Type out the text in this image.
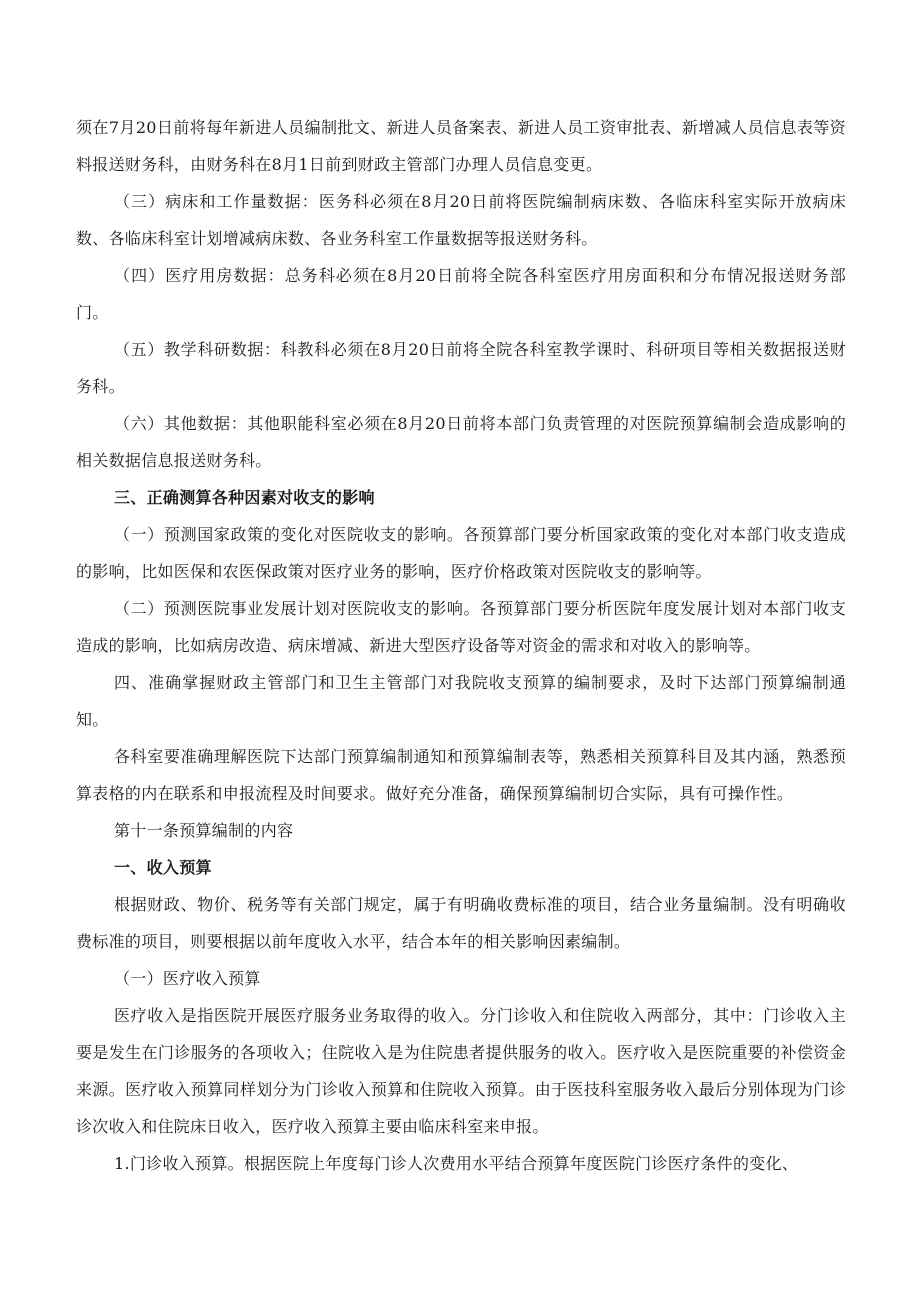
须在7月20日前将每年新进人员编制批文、新进人员备案表、新进人员工资审批表、新增减人员信息表等资料报送财务科，由财务科在8月1日前到财政主管部门办理人员信息变更。

（三）病床和工作量数据：医务科必须在8月20日前将医院编制病床数、各临床科室实际开放病床数、各临床科室计划增减病床数、各业务科室工作量数据等报送财务科。

（四）医疗用房数据：总务科必须在8月20日前将全院各科室医疗用房面积和分布情况报送财务部门。

（五）教学科研数据：科教科必须在8月20日前将全院各科室教学课时、科研项目等相关数据报送财务科。

（六）其他数据：其他职能科室必须在8月20日前将本部门负责管理的对医院预算编制会造成影响的相关数据信息报送财务科。

三、正确测算各种因素对收支的影响

（一）预测国家政策的变化对医院收支的影响。各预算部门要分析国家政策的变化对本部门收支造成的影响，比如医保和农医保政策对医疗业务的影响，医疗价格政策对医院收支的影响等。

（二）预测医院事业发展计划对医院收支的影响。各预算部门要分析医院年度发展计划对本部门收支造成的影响，比如病房改造、病床增减、新进大型医疗设备等对资金的需求和对收入的影响等。

四、准确掌握财政主管部门和卫生主管部门对我院收支预算的编制要求，及时下达部门预算编制通知。

各科室要准确理解医院下达部门预算编制通知和预算编制表等，熟悉相关预算科目及其内涵，熟悉预算表格的内在联系和申报流程及时间要求。做好充分准备，确保预算编制切合实际，具有可操作性。

第十一条预算编制的内容

一、收入预算

根据财政、物价、税务等有关部门规定，属于有明确收费标准的项目，结合业务量编制。没有明确收费标准的项目，则要根据以前年度收入水平，结合本年的相关影响因素编制。

（一）医疗收入预算

医疗收入是指医院开展医疗服务业务取得的收入。分门诊收入和住院收入两部分，其中：门诊收入主要是发生在门诊服务的各项收入；住院收入是为住院患者提供服务的收入。医疗收入是医院重要的补偿资金来源。医疗收入预算同样划分为门诊收入预算和住院收入预算。由于医技科室服务收入最后分别体现为门诊诊次收入和住院床日收入，医疗收入预算主要由临床科室来申报。

1.门诊收入预算。根据医院上年度每门诊人次费用水平结合预算年度医院门诊医疗条件的变化、
